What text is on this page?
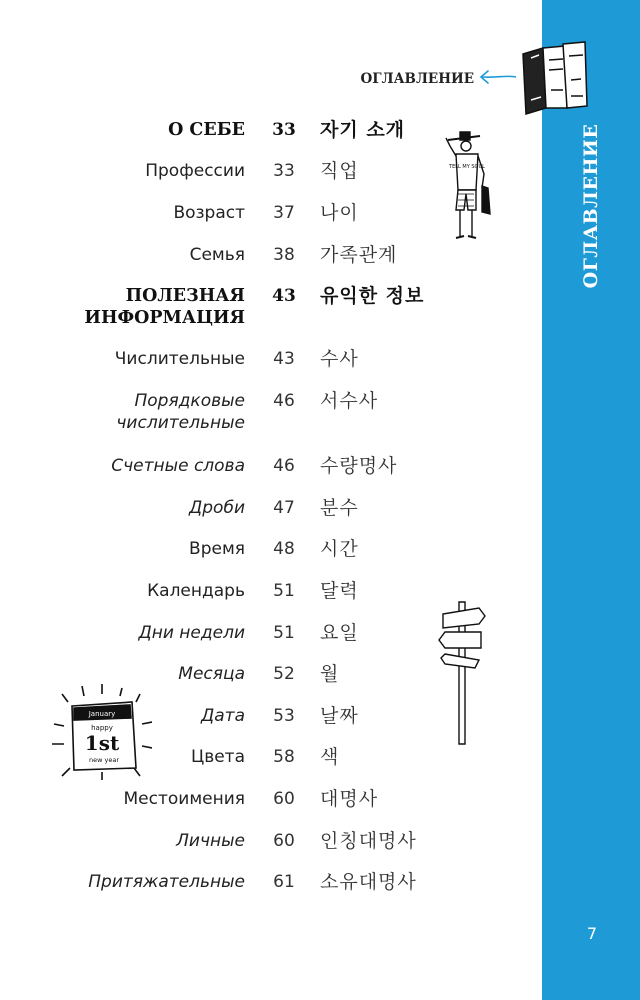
ОГЛАВЛЕНИЕ
7
ОГЛАВЛЕНИЕ
TELL MY SOUL
January
happy
1st
new year
О СЕБЕ	33	자기 소개
Профессии	33	직업
Возраст	37	나이
Семья	38	가족관계
ПОЛЕЗНАЯ
ИНФОРМАЦИЯ
43	유익한 정보
Числительные	43	수사
Порядковые
числительные
46	서수사
Счетные слова	46	수량명사
Дроби	47	분수
Время	48	시간
Календарь	51	달력
Дни недели	51	요일
Месяца	52	월
Дата	53	날짜
Цвета	58	색
Местоимения	60	대명사
Личные	60	인칭대명사
Притяжательные	61	소유대명사
